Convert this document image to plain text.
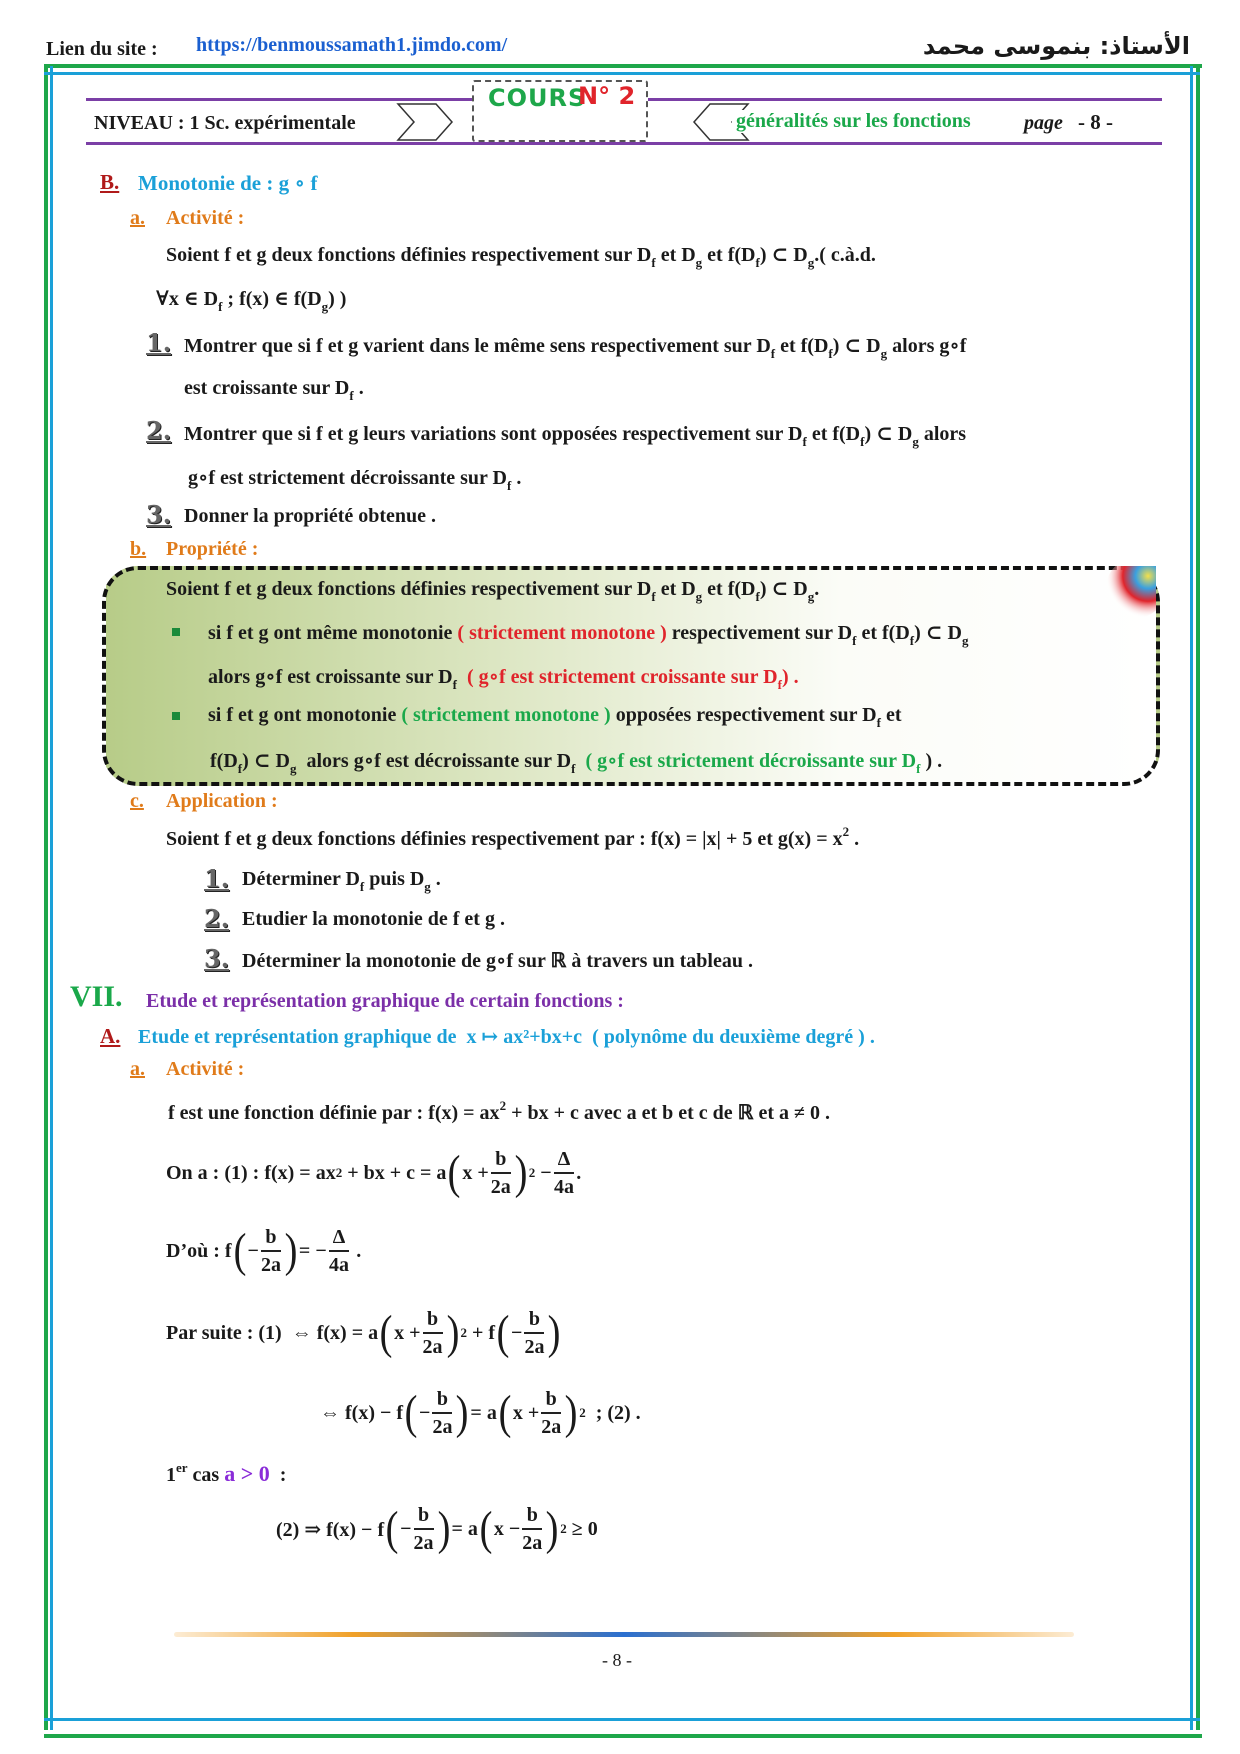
Lien du site : https://benmoussamath1.jimdo.com/	الأستاذ: بنموسى محمد
NIVEAU : 1 Sc. expérimentale
COURS
N° 2
généralités sur les fonctions	page - 8 -
B. Monotonie de : g ∘ f
a. Activité :
Soient f et g deux fonctions définies respectivement sur $D_f$ et $D_g$ et $f(D_f)$ ⊂ $D_g$.( c.à.d.
∀x ∈ $D_f$ ; f(x) ∈ $f(D_g)$ )
1. Montrer que si f et g varient dans le même sens respectivement sur $D_f$ et $f(D_f)$ ⊂ $D_g$ alors g∘f
est croissante sur $D_f$ .
2. Montrer que si f et g leurs variations sont opposées respectivement sur $D_f$ et $f(D_f)$ ⊂ $D_g$ alors
g∘f est strictement décroissante sur $D_f$ .
3. Donner la propriété obtenue .
b. Propriété :
Soient f et g deux fonctions définies respectivement sur $D_f$ et $D_g$ et $f(D_f)$ ⊂ $D_g$.
si f et g ont même monotonie ( strictement monotone ) respectivement sur $D_f$ et $f(D_f)$ ⊂ $D_g$
alors g∘f est croissante sur $D_f$ ( g∘f est strictement croissante sur $D_f$) .
si f et g ont monotonie ( strictement monotone ) opposées respectivement sur $D_f$ et
$f(D_f)$ ⊂ $D_g$ alors g∘f est décroissante sur $D_f$ ( g∘f est strictement décroissante sur $D_f$ ) .
c. Application :
Soient f et g deux fonctions définies respectivement par : f(x) = |x| + 5 et $g(x) = x^2$ .
1. Déterminer $D_f$ puis $D_g$ .
2. Etudier la monotonie de f et g .
3. Déterminer la monotonie de g∘f sur ℝ à travers un tableau .
VII. Etude et représentation graphique de certain fonctions :
A. Etude et représentation graphique de x ↦ ax²+bx+c ( polynôme du deuxième degré ) .
a. Activité :
f est une fonction définie par : $f(x) = ax^2$ + bx + c avec a et b et c de ℝ et a ≠ 0 .
On a : (1) : f(x) = ax 2
+ bx + c = a ( $x + \frac{b}{2a}$ ) 2
− $\frac{\Delta}{4a}$ .
D’où : f ( − $\frac{b}{2a}$ ) = − $\frac{\Delta}{4a}$
.
Par suite : (1)
⇔ f(x) = a ( $x + \frac{b}{2a}$ ) 2
+ f ( − $\frac{b}{2a}$ )
⇔ f(x) − f ( − $\frac{b}{2a}$ ) = a ( $x + \frac{b}{2a}$ ) 2
; (2) .
1er cas a > 0 :
(2) ⇒ f(x) − f ( − $\frac{b}{2a}$ ) = a ( $x - \frac{b}{2a}$ ) 2
≥ 0
- 8 -
